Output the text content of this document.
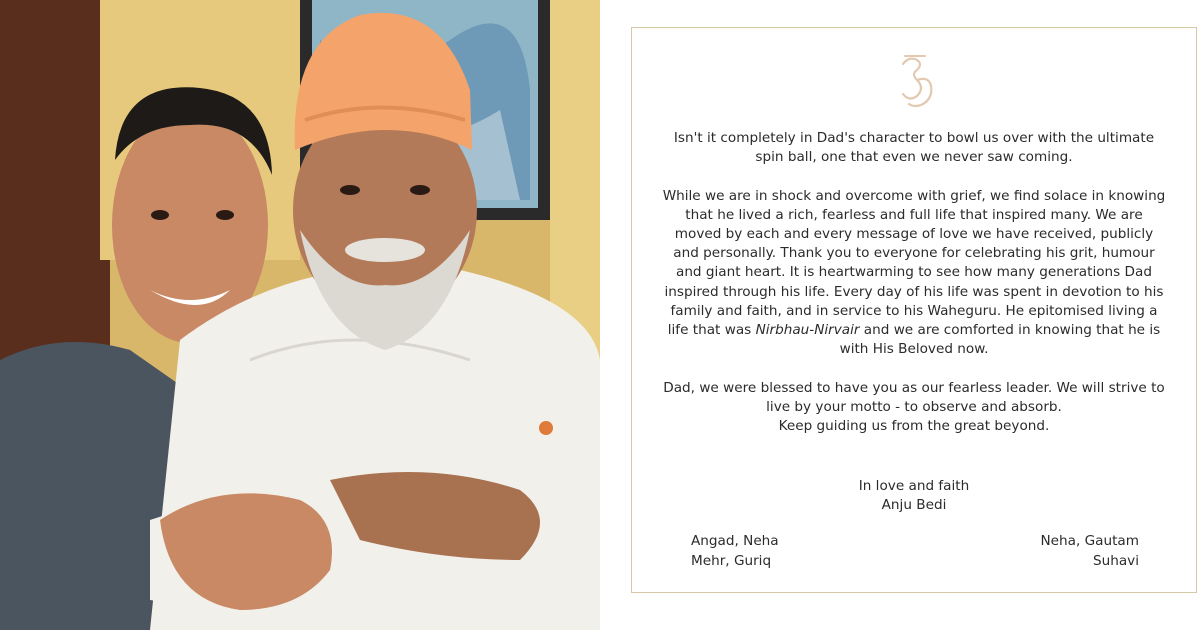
Isn't it completely in Dad's character to bowl us over with the ultimate spin ball, one that even we never saw coming.

While we are in shock and overcome with grief, we find solace in knowing that he lived a rich, fearless and full life that inspired many. We are moved by each and every message of love we have received, publicly and personally. Thank you to everyone for celebrating his grit, humour and giant heart. It is heartwarming to see how many generations Dad inspired through his life. Every day of his life was spent in devotion to his family and faith, and in service to his Waheguru. He epitomised living a life that was Nirbhau-Nirvair and we are comforted in knowing that he is with His Beloved now.

Dad, we were blessed to have you as our fearless leader. We will strive to live by your motto - to observe and absorb.
Keep guiding us from the great beyond.

In love and faith
Anju Bedi
Angad, Neha
Mehr, Guriq
Neha, Gautam
Suhavi
